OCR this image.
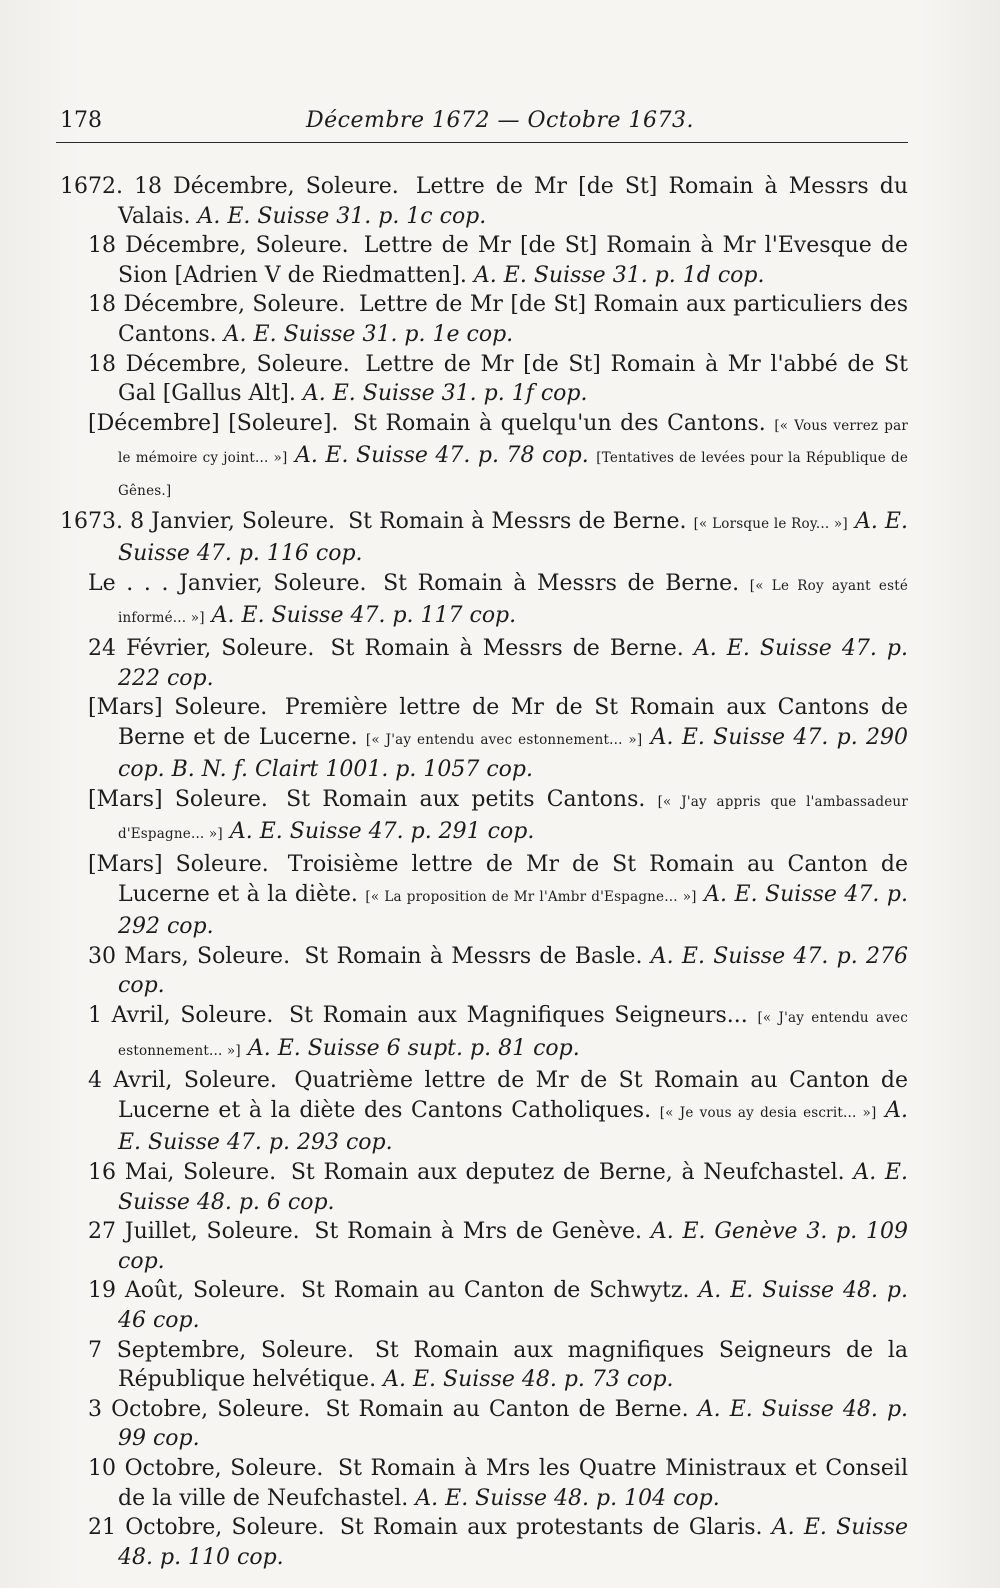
178	Décembre 1672 — Octobre 1673.

1672. 18 Décembre, Soleure. Lettre de Mr [de St] Romain à Messrs du Valais. A. E. Suisse 31. p. 1c cop.

18 Décembre, Soleure. Lettre de Mr [de St] Romain à Mr l'Evesque de Sion [Adrien V de Riedmatten]. A. E. Suisse 31. p. 1d cop.

18 Décembre, Soleure. Lettre de Mr [de St] Romain aux particuliers des Cantons. A. E. Suisse 31. p. 1e cop.

18 Décembre, Soleure. Lettre de Mr [de St] Romain à Mr l'abbé de St Gal [Gallus Alt]. A. E. Suisse 31. p. 1f cop.

[Décembre] [Soleure]. St Romain à quelqu'un des Cantons. [« Vous verrez par le mémoire cy joint... »] A. E. Suisse 47. p. 78 cop. [Tentatives de levées pour la République de Gênes.]

1673. 8 Janvier, Soleure. St Romain à Messrs de Berne. [« Lorsque le Roy... »] A. E. Suisse 47. p. 116 cop.

Le . . . Janvier, Soleure. St Romain à Messrs de Berne. [« Le Roy ayant esté informé... »] A. E. Suisse 47. p. 117 cop.

24 Février, Soleure. St Romain à Messrs de Berne. A. E. Suisse 47. p. 222 cop.

[Mars] Soleure. Première lettre de Mr de St Romain aux Cantons de Berne et de Lucerne. [« J'ay entendu avec estonnement... »] A. E. Suisse 47. p. 290 cop. B. N. f. Clairt 1001. p. 1057 cop.

[Mars] Soleure. St Romain aux petits Cantons. [« J'ay appris que l'ambassadeur d'Espagne... »] A. E. Suisse 47. p. 291 cop.

[Mars] Soleure. Troisième lettre de Mr de St Romain au Canton de Lucerne et à la diète. [« La proposition de Mr l'Ambr d'Espagne... »] A. E. Suisse 47. p. 292 cop.

30 Mars, Soleure. St Romain à Messrs de Basle. A. E. Suisse 47. p. 276 cop.

1 Avril, Soleure. St Romain aux Magnifiques Seigneurs... [« J'ay entendu avec estonnement... »] A. E. Suisse 6 supt. p. 81 cop.

4 Avril, Soleure. Quatrième lettre de Mr de St Romain au Canton de Lucerne et à la diète des Cantons Catholiques. [« Je vous ay desia escrit... »] A. E. Suisse 47. p. 293 cop.

16 Mai, Soleure. St Romain aux deputez de Berne, à Neufchastel. A. E. Suisse 48. p. 6 cop.

27 Juillet, Soleure. St Romain à Mrs de Genève. A. E. Genève 3. p. 109 cop.

19 Août, Soleure. St Romain au Canton de Schwytz. A. E. Suisse 48. p. 46 cop.

7 Septembre, Soleure. St Romain aux magnifiques Seigneurs de la République helvétique. A. E. Suisse 48. p. 73 cop.

3 Octobre, Soleure. St Romain au Canton de Berne. A. E. Suisse 48. p. 99 cop.

10 Octobre, Soleure. St Romain à Mrs les Quatre Ministraux et Conseil de la ville de Neufchastel. A. E. Suisse 48. p. 104 cop.

21 Octobre, Soleure. St Romain aux protestants de Glaris. A. E. Suisse 48. p. 110 cop.
